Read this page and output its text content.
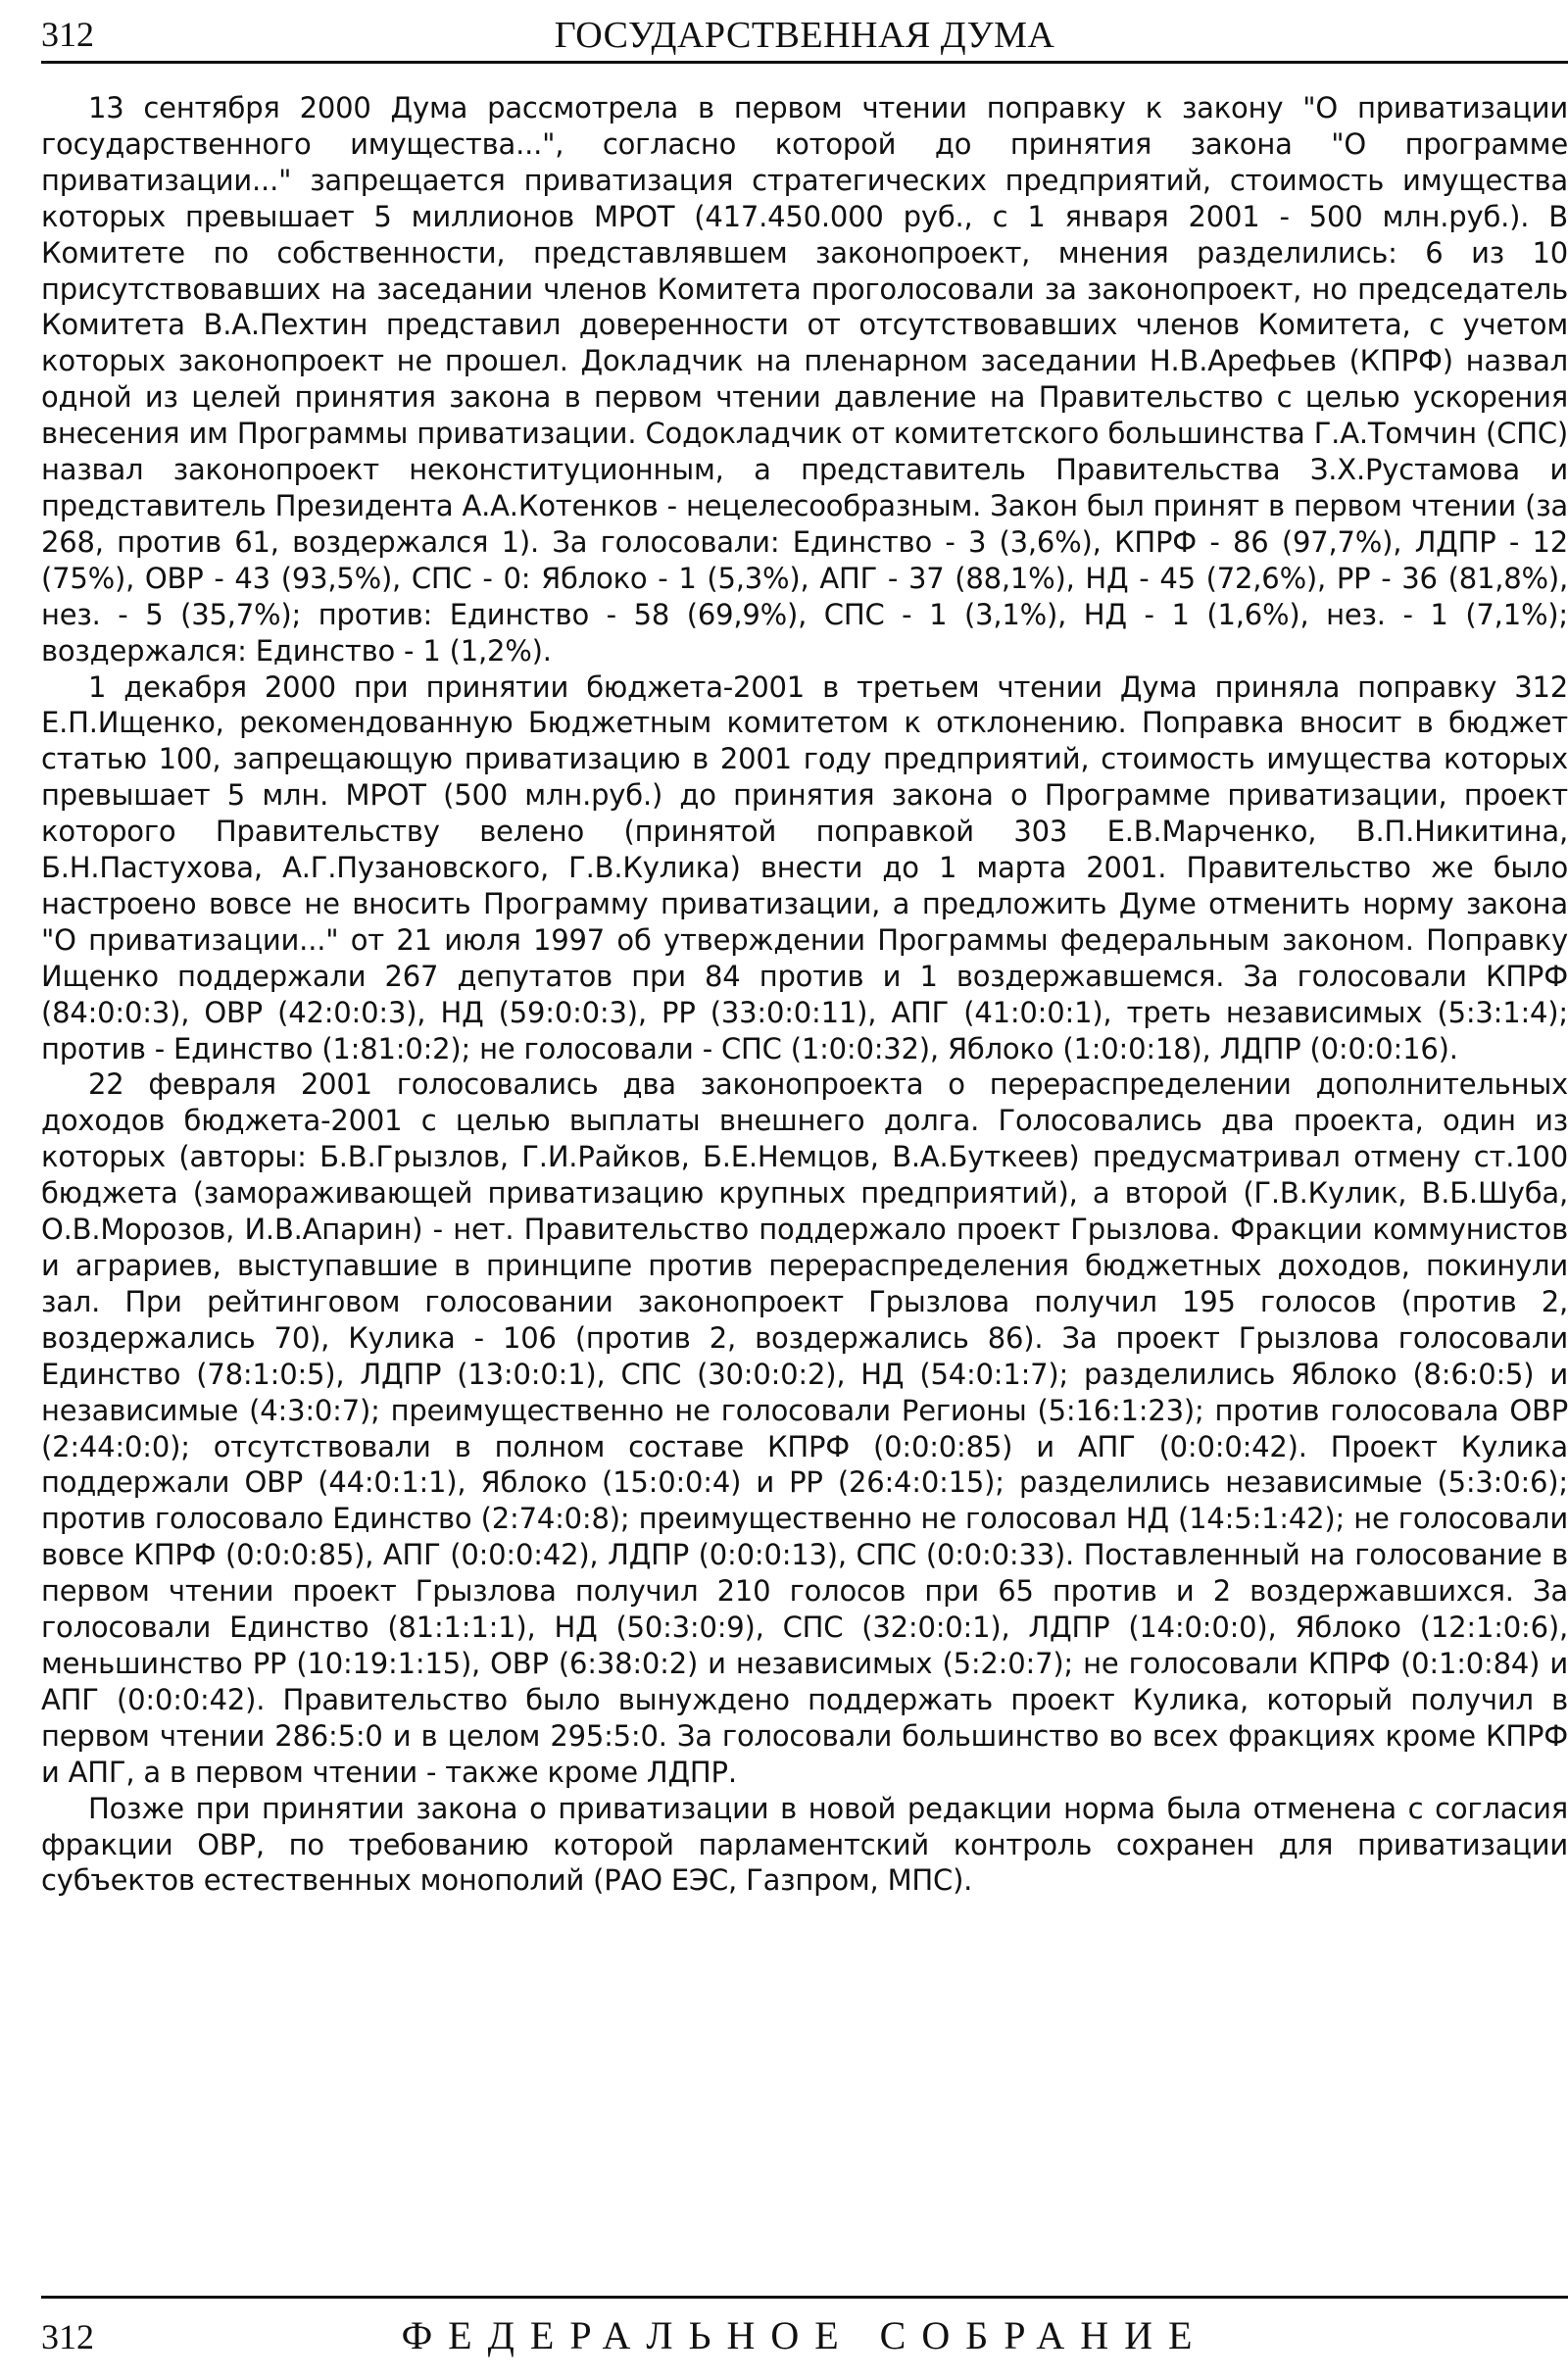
312	ГОСУДАРСТВЕННАЯ ДУМА

13 сентября 2000 Дума рассмотрела в первом чтении поправку к закону "О приватизации государственного имущества...", согласно которой до принятия закона "О программе приватизации..." запрещается приватизация стратегических предприятий, стоимость имущества которых превышает 5 миллионов МРОТ (417.450.000 руб., с 1 января 2001 - 500 млн.руб.). В Комитете по собственности, представлявшем законопроект, мнения разделились: 6 из 10 присутствовавших на заседании членов Комитета проголосовали за законопроект, но председатель Комитета В.А.Пехтин представил доверенности от отсутствовавших членов Комитета, с учетом которых законопроект не прошел. Докладчик на пленарном заседании Н.В.Арефьев (КПРФ) назвал одной из целей принятия закона в первом чтении давление на Правительство с целью ускорения внесения им Программы приватизации. Содокладчик от комитетского большинства Г.А.Томчин (СПС) назвал законопроект неконституционным, а представитель Правительства З.Х.Рустамова и представитель Президента А.А.Котенков - нецелесообразным. Закон был принят в первом чтении (за 268, против 61, воздержался 1). За голосовали: Единство - 3 (3,6%), КПРФ - 86 (97,7%), ЛДПР - 12 (75%), ОВР - 43 (93,5%), СПС - 0: Яблоко - 1 (5,3%), АПГ - 37 (88,1%), НД - 45 (72,6%), РР - 36 (81,8%), нез. - 5 (35,7%); против: Единство - 58 (69,9%), СПС - 1 (3,1%), НД - 1 (1,6%), нез. - 1 (7,1%); воздержался: Единство - 1 (1,2%).

1 декабря 2000 при принятии бюджета-2001 в третьем чтении Дума приняла поправку 312 Е.П.Ищенко, рекомендованную Бюджетным комитетом к отклонению. Поправка вносит в бюджет статью 100, запрещающую приватизацию в 2001 году предприятий, стоимость имущества которых превышает 5 млн. МРОТ (500 млн.руб.) до принятия закона о Программе приватизации, проект которого Правительству велено (принятой поправкой 303 Е.В.Марченко, В.П.Никитина, Б.Н.Пастухова, А.Г.Пузановского, Г.В.Кулика) внести до 1 марта 2001. Правительство же было настроено вовсе не вносить Программу приватизации, а предложить Думе отменить норму закона "О приватизации..." от 21 июля 1997 об утверждении Программы федеральным законом. Поправку Ищенко поддержали 267 депутатов при 84 против и 1 воздержавшемся. За голосовали КПРФ (84:0:0:3), ОВР (42:0:0:3), НД (59:0:0:3), РР (33:0:0:11), АПГ (41:0:0:1), треть независимых (5:3:1:4); против - Единство (1:81:0:2); не голосовали - СПС (1:0:0:32), Яблоко (1:0:0:18), ЛДПР (0:0:0:16).

22 февраля 2001 голосовались два законопроекта о перераспределении дополнительных доходов бюджета-2001 с целью выплаты внешнего долга. Голосовались два проекта, один из которых (авторы: Б.В.Грызлов, Г.И.Райков, Б.Е.Немцов, В.А.Буткеев) предусматривал отмену ст.100 бюджета (замораживающей приватизацию крупных предприятий), а второй (Г.В.Кулик, В.Б.Шуба, О.В.Морозов, И.В.Апарин) - нет. Правительство поддержало проект Грызлова. Фракции коммунистов и аграриев, выступавшие в принципе против перераспределения бюджетных доходов, покинули зал. При рейтинговом голосовании законопроект Грызлова получил 195 голосов (против 2, воздержались 70), Кулика - 106 (против 2, воздержались 86). За проект Грызлова голосовали Единство (78:1:0:5), ЛДПР (13:0:0:1), СПС (30:0:0:2), НД (54:0:1:7); разделились Яблоко (8:6:0:5) и независимые (4:3:0:7); преимущественно не голосовали Регионы (5:16:1:23); против голосовала ОВР (2:44:0:0); отсутствовали в полном составе КПРФ (0:0:0:85) и АПГ (0:0:0:42). Проект Кулика поддержали ОВР (44:0:1:1), Яблоко (15:0:0:4) и РР (26:4:0:15); разделились независимые (5:3:0:6); против голосовало Единство (2:74:0:8); преимущественно не голосовал НД (14:5:1:42); не голосовали вовсе КПРФ (0:0:0:85), АПГ (0:0:0:42), ЛДПР (0:0:0:13), СПС (0:0:0:33). Поставленный на голосование в первом чтении проект Грызлова получил 210 голосов при 65 против и 2 воздержавшихся. За голосовали Единство (81:1:1:1), НД (50:3:0:9), СПС (32:0:0:1), ЛДПР (14:0:0:0), Яблоко (12:1:0:6), меньшинство РР (10:19:1:15), ОВР (6:38:0:2) и независимых (5:2:0:7); не голосовали КПРФ (0:1:0:84) и АПГ (0:0:0:42). Правительство было вынуждено поддержать проект Кулика, который получил в первом чтении 286:5:0 и в целом 295:5:0. За голосовали большинство во всех фракциях кроме КПРФ и АПГ, а в первом чтении - также кроме ЛДПР.

Позже при принятии закона о приватизации в новой редакции норма была отменена с согласия фракции ОВР, по требованию которой парламентский контроль сохранен для приватизации субъектов естественных монополий (РАО ЕЭС, Газпром, МПС).

312	ФЕДЕРАЛЬНОЕ СОБРАНИЕ
